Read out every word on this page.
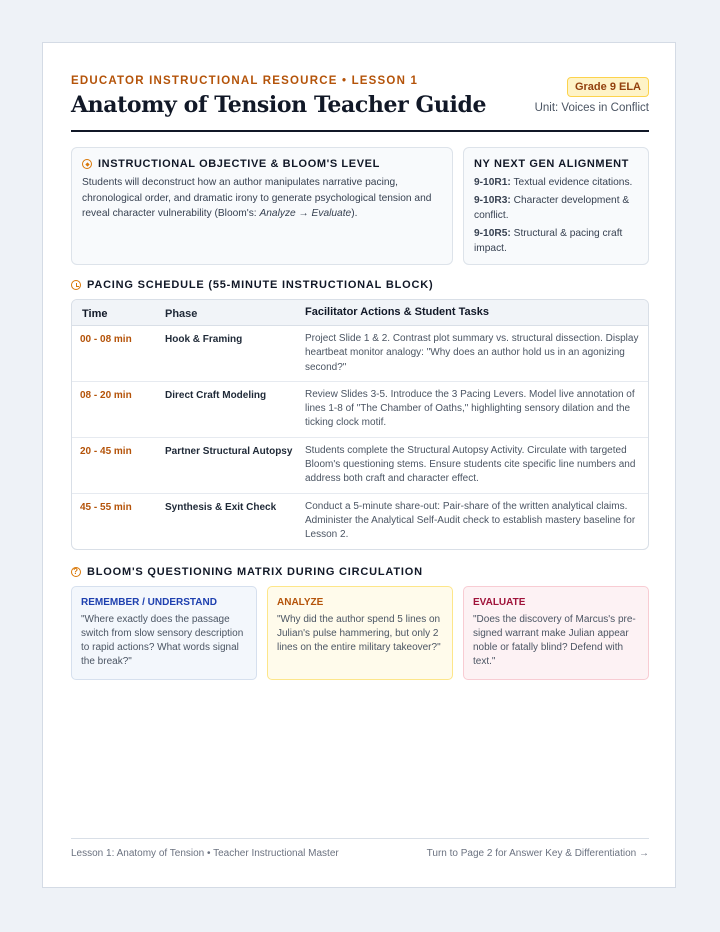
EDUCATOR INSTRUCTIONAL RESOURCE • LESSON 1
Anatomy of Tension Teacher Guide
Grade 9 ELA
Unit: Voices in Conflict
INSTRUCTIONAL OBJECTIVE & BLOOM'S LEVEL
Students will deconstruct how an author manipulates narrative pacing, chronological order, and dramatic irony to generate psychological tension and reveal character vulnerability (Bloom's: Analyze → Evaluate).
NY NEXT GEN ALIGNMENT
9-10R1: Textual evidence citations.
9-10R3: Character development & conflict.
9-10R5: Structural & pacing craft impact.
PACING SCHEDULE (55-MINUTE INSTRUCTIONAL BLOCK)
Time	Phase	Facilitator Actions & Student Tasks
00 - 08 min	Hook & Framing	Project Slide 1 & 2. Contrast plot summary vs. structural dissection. Display heartbeat monitor analogy: "Why does an author hold us in an agonizing second?"
08 - 20 min	Direct Craft Modeling	Review Slides 3-5. Introduce the 3 Pacing Levers. Model live annotation of lines 1-8 of "The Chamber of Oaths," highlighting sensory dilation and the ticking clock motif.
20 - 45 min	Partner Structural Autopsy	Students complete the Structural Autopsy Activity. Circulate with targeted Bloom's questioning stems. Ensure students cite specific line numbers and address both craft and character effect.
45 - 55 min	Synthesis & Exit Check	Conduct a 5-minute share-out: Pair-share of the written analytical claims. Administer the Analytical Self-Audit check to establish mastery baseline for Lesson 2.
? BLOOM'S QUESTIONING MATRIX DURING CIRCULATION
REMEMBER / UNDERSTAND
"Where exactly does the passage switch from slow sensory description to rapid actions? What words signal the break?"
ANALYZE
"Why did the author spend 5 lines on Julian's pulse hammering, but only 2 lines on the entire military takeover?"
EVALUATE
"Does the discovery of Marcus's pre-signed warrant make Julian appear noble or fatally blind? Defend with text."
Lesson 1: Anatomy of Tension • Teacher Instructional Master	Turn to Page 2 for Answer Key & Differentiation →
